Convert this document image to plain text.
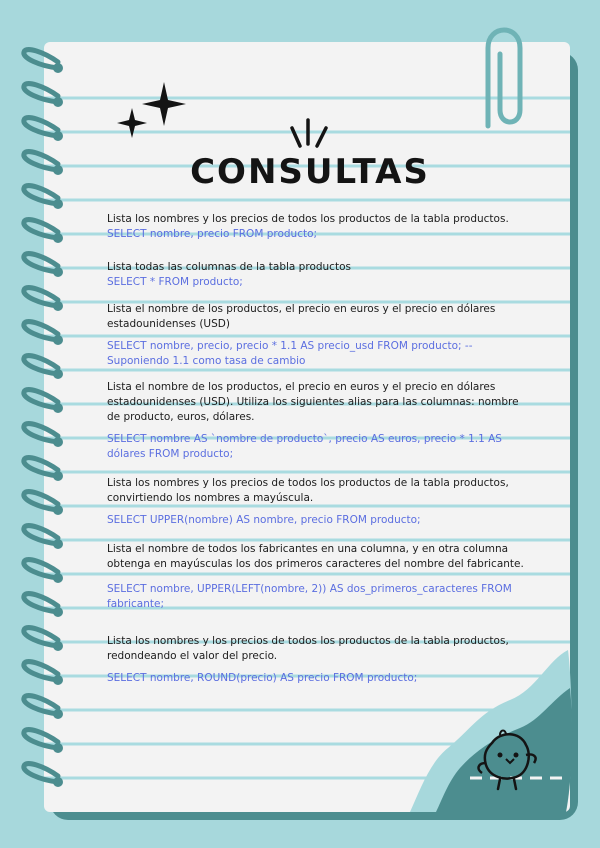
CONSULTAS

Lista los nombres y los precios de todos los productos de la tabla productos.

SELECT nombre, precio FROM producto;

Lista todas las columnas de la tabla productos

SELECT * FROM producto;

Lista el nombre de los productos, el precio en euros y el precio en dólares estadounidenses (USD)

SELECT nombre, precio, precio * 1.1 AS precio_usd FROM producto; -- Suponiendo 1.1 como tasa de cambio

Lista el nombre de los productos, el precio en euros y el precio en dólares estadounidenses (USD). Utiliza los siguientes alias para las columnas: nombre de producto, euros, dólares.

SELECT nombre AS `nombre de producto`, precio AS euros, precio * 1.1 AS dólares FROM producto;

Lista los nombres y los precios de todos los productos de la tabla productos, convirtiendo los nombres a mayúscula.

SELECT UPPER(nombre) AS nombre, precio FROM producto;

Lista el nombre de todos los fabricantes en una columna, y en otra columna obtenga en mayúsculas los dos primeros caracteres del nombre del fabricante.

SELECT nombre, UPPER(LEFT(nombre, 2)) AS dos_primeros_caracteres FROM fabricante;

Lista los nombres y los precios de todos los productos de la tabla productos, redondeando el valor del precio.

SELECT nombre, ROUND(precio) AS precio FROM producto;
